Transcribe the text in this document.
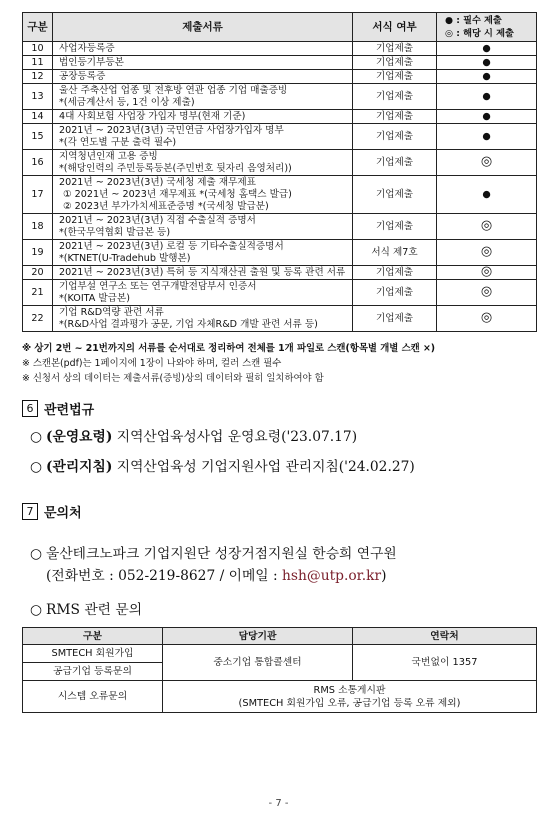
구분	제출서류	서식 여부	● : 필수 제출
◎ : 해당 시 제출

10	사업자등록증	기업제출	●
11	법인등기부등본	기업제출	●
12	공장등록증	기업제출	●
13	울산 주축산업 업종 및 전후방 연관 업종 기업 매출증빙
*(세금계산서 등, 1건 이상 제출)	기업제출	●
14	4대 사회보험 사업장 가입자 명부(현재 기준)	기업제출	●
15	2021년 ~ 2023년(3년) 국민연금 사업장가입자 명부
*(각 연도별 구분 출력 필수)	기업제출	●
16	지역청년인재 고용 증빙
*(해당인력의 주민등록등본(주민번호 뒷자리 음영처리))	기업제출	◎
17	2021년 ~ 2023년(3년) 국세청 제출 재무제표
① 2021년 ~ 2023년 재무제표 *(국세청 홈택스 발급)
② 2023년 부가가치세표준증명 *(국세청 발급분)	기업제출	●
18	2021년 ~ 2023년(3년) 직접 수출실적 증명서
*(한국무역협회 발급본 등)	기업제출	◎
19	2021년 ~ 2023년(3년) 로컬 등 기타수출실적증명서
*(KTNET(U-Tradehub 발행본)	서식 제7호	◎
20	2021년 ~ 2023년(3년) 특허 등 지식재산권 출원 및 등록 관련 서류	기업제출	◎
21	기업부설 연구소 또는 연구개발전담부서 인증서
*(KOITA 발급본)	기업제출	◎
22	기업 R&D역량 관련 서류
*(R&D사업 결과평가 공문, 기업 자체R&D 개발 관련 서류 등)	기업제출	◎
※ 상기 2번 ~ 21번까지의 서류를 순서대로 정리하여 전체를 1개 파일로 스캔(항목별 개별 스캔 ×)
※ 스캔본(pdf)는 1페이지에 1장이 나와야 하며, 컬러 스캔 필수
※ 신청서 상의 데이터는 제출서류(증빙)상의 데이터와 필히 일치하여야 함
6 관련법규
○ (운영요령) 지역산업육성사업 운영요령('23.07.17)
○ (관리지침) 지역산업육성 기업지원사업 관리지침('24.02.27)
7 문의처
○ 울산테크노파크 기업지원단 성장거점지원실 한승희 연구원
(전화번호 : 052-219-8627 / 이메일 : hsh@utp.or.kr)
○ RMS 관련 문의
구분	담당기관	연락처
SMTECH 회원가입	중소기업 통합콜센터	국번없이 1357
공급기업 등록문의		
시스템 오류문의	RMS 소통게시판
(SMTECH 회원가입 오류, 공급기업 등록 오류 제외)	
- 7 -
